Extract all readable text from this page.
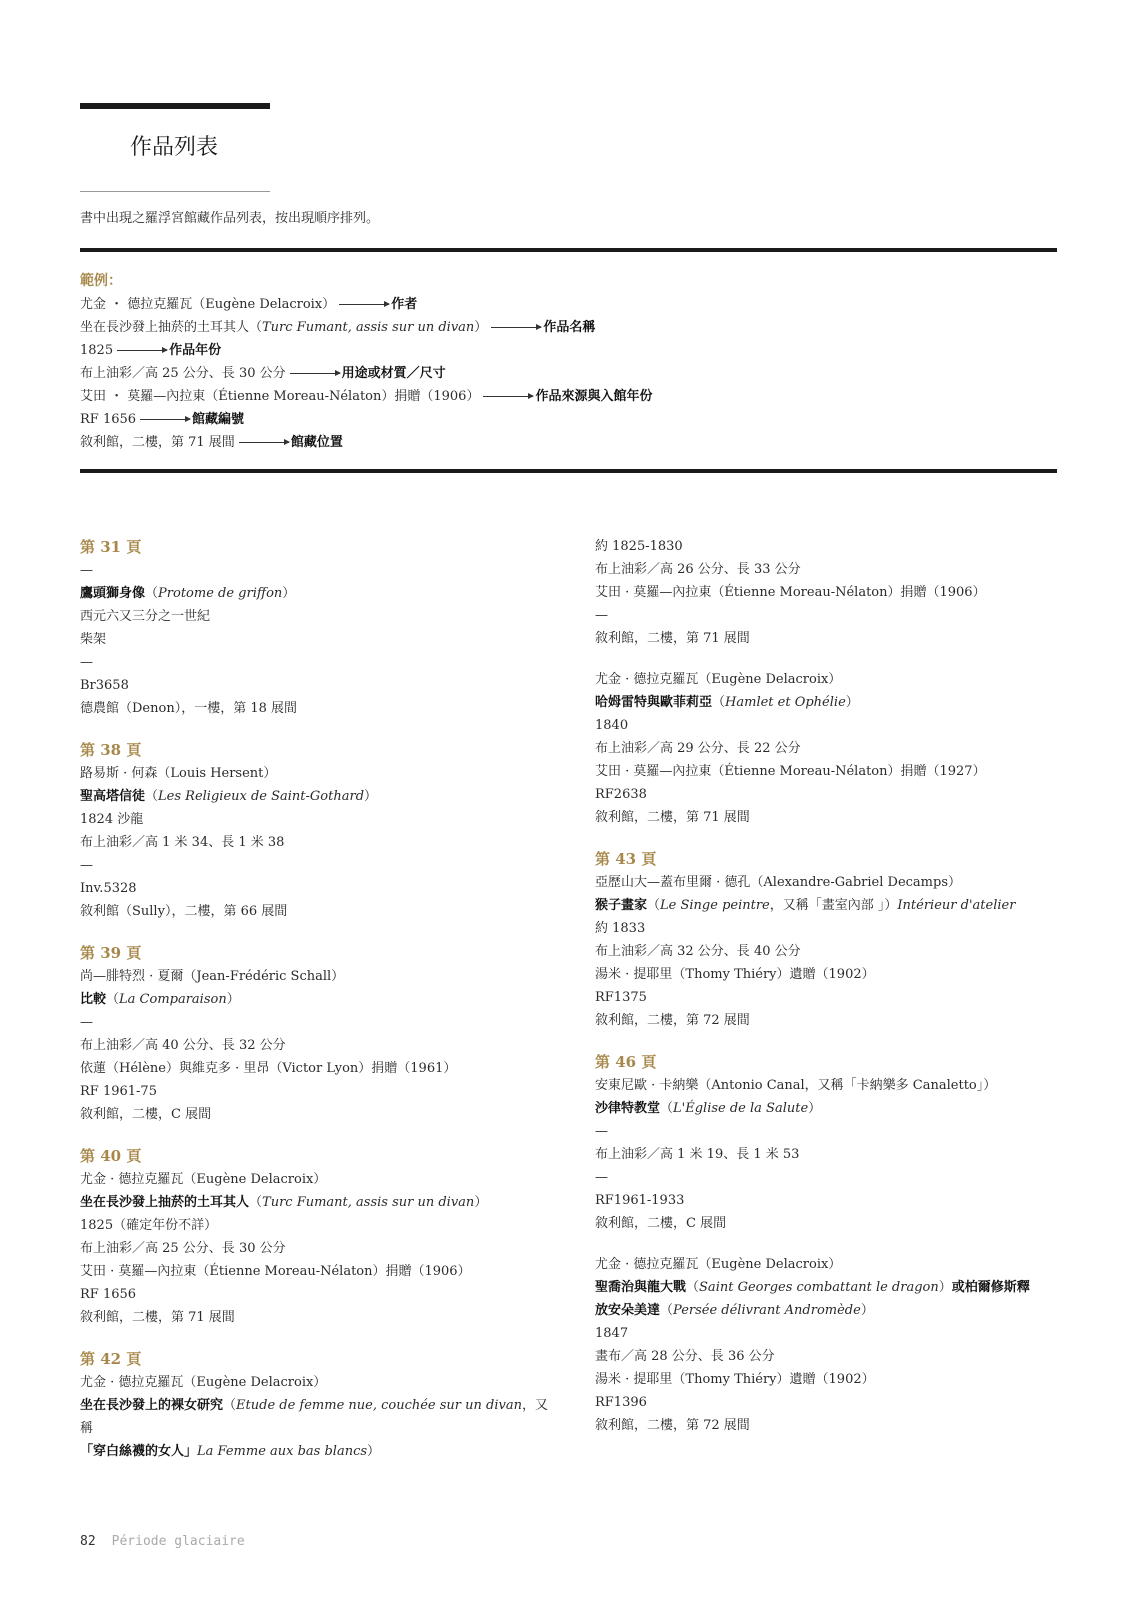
作品列表
書中出現之羅浮宮館藏作品列表，按出現順序排列。
範例：
尤金 ・ 德拉克羅瓦（Eugène Delacroix）	作者
坐在長沙發上抽菸的土耳其人（Turc Fumant, assis sur un divan）	作品名稱
1825	作品年份
布上油彩／高 25 公分、長 30 公分	用途或材質／尺寸
艾田 ・ 莫羅—內拉東（Étienne Moreau-Nélaton）捐贈（1906）	作品來源與入館年份
RF 1656	館藏編號
敘利館，二樓，第 71 展間	館藏位置
第 31 頁
—
鷹頭獅身像（Protome de griffon）
西元六又三分之一世紀
柴架
—
Br3658
德農館（Denon），一樓，第 18 展間
第 38 頁
路易斯 · 何森（Louis Hersent）
聖高塔信徒（Les Religieux de Saint-Gothard）
1824 沙龍
布上油彩／高 1 米 34、長 1 米 38
—
Inv.5328
敘利館（Sully），二樓，第 66 展間
第 39 頁
尚—腓特烈 · 夏爾（Jean-Frédéric Schall）
比較（La Comparaison）
—
布上油彩／高 40 公分、長 32 公分
依蓮（Hélène）與維克多 · 里昂（Victor Lyon）捐贈（1961）
RF 1961-75
敘利館，二樓，C 展間
第 40 頁
尤金 · 德拉克羅瓦（Eugène Delacroix）
坐在長沙發上抽菸的土耳其人（Turc Fumant, assis sur un divan）
1825（確定年份不詳）
布上油彩／高 25 公分、長 30 公分
艾田 · 莫羅—內拉東（Étienne Moreau-Nélaton）捐贈（1906）
RF 1656
敘利館，二樓，第 71 展間
第 42 頁
尤金 · 德拉克羅瓦（Eugène Delacroix）
坐在長沙發上的裸女研究（Etude de femme nue, couchée sur un divan，又稱
「穿白絲襪的女人」La Femme aux bas blancs）
約 1825-1830
布上油彩／高 26 公分、長 33 公分
艾田 · 莫羅—內拉東（Étienne Moreau-Nélaton）捐贈（1906）
—
敘利館，二樓，第 71 展間
尤金 · 德拉克羅瓦（Eugène Delacroix）
哈姆雷特與歐菲莉亞（Hamlet et Ophélie）
1840
布上油彩／高 29 公分、長 22 公分
艾田 · 莫羅—內拉東（Étienne Moreau-Nélaton）捐贈（1927）
RF2638
敘利館，二樓，第 71 展間
第 43 頁
亞歷山大—蓋布里爾 · 德孔（Alexandre-Gabriel Decamps）
猴子畫家（Le Singe peintre，又稱「畫室內部 」）Intérieur d'atelier
約 1833
布上油彩／高 32 公分、長 40 公分
湯米 · 提耶里（Thomy Thiéry）遺贈（1902）
RF1375
敘利館，二樓，第 72 展間
第 46 頁
安東尼歐 · 卡納樂（Antonio Canal，又稱「卡納樂多 Canaletto」）
沙律特教堂（L'Église de la Salute）
—
布上油彩／高 1 米 19、長 1 米 53
—
RF1961-1933
敘利館，二樓，C 展間
尤金 · 德拉克羅瓦（Eugène Delacroix）
聖喬治與龍大戰（Saint Georges combattant le dragon）或柏爾修斯釋放安朵美達（Persée délivrant Andromède）
1847
畫布／高 28 公分、長 36 公分
湯米 · 提耶里（Thomy Thiéry）遺贈（1902）
RF1396
敘利館，二樓，第 72 展間
82 Période glaciaire
